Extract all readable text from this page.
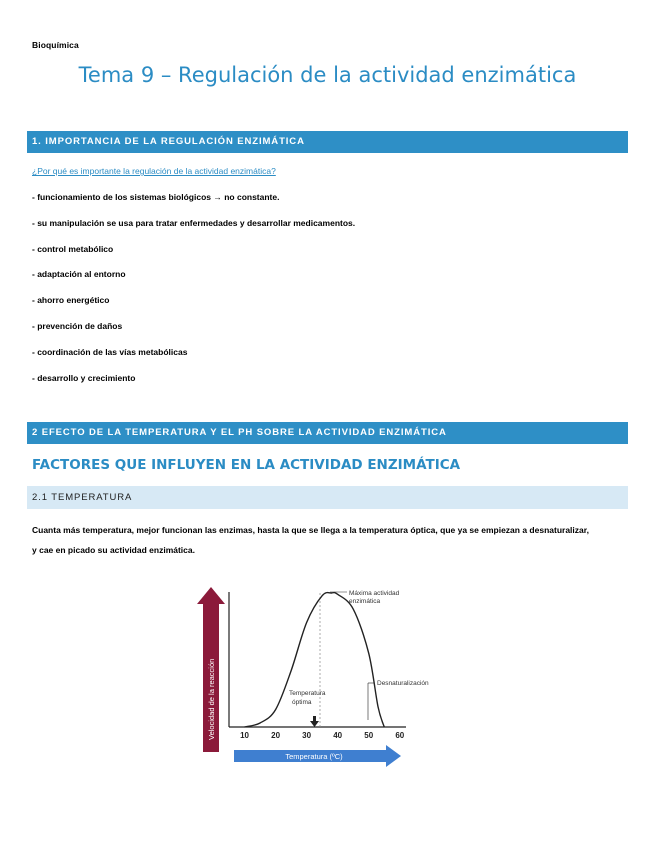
Bioquímica
Tema 9 – Regulación de la actividad enzimática
1. IMPORTANCIA DE LA REGULACIÓN ENZIMÁTICA
¿Por qué es importante la regulación de la actividad enzimática?
- funcionamiento de los sistemas biológicos → no constante.
- su manipulación se usa para tratar enfermedades y desarrollar medicamentos.
- control metabólico
- adaptación al entorno
- ahorro energético
- prevención de daños
- coordinación de las vías metabólicas
- desarrollo y crecimiento
2 EFECTO DE LA TEMPERATURA Y EL PH SOBRE LA ACTIVIDAD ENZIMÁTICA
FACTORES QUE INFLUYEN EN LA ACTIVIDAD ENZIMÁTICA
2.1 TEMPERATURA
Cuanta más temperatura, mejor funcionan las enzimas, hasta la que se llega a la temperatura óptica, que ya se empiezan a desnaturalizar, y cae en picado su actividad enzimática.
Velocidad de la reacción	10	20	30	40	50	60
Máxima actividad
enzimática
Desnaturalización
Temperatura
óptima
Temperatura (ºC)
